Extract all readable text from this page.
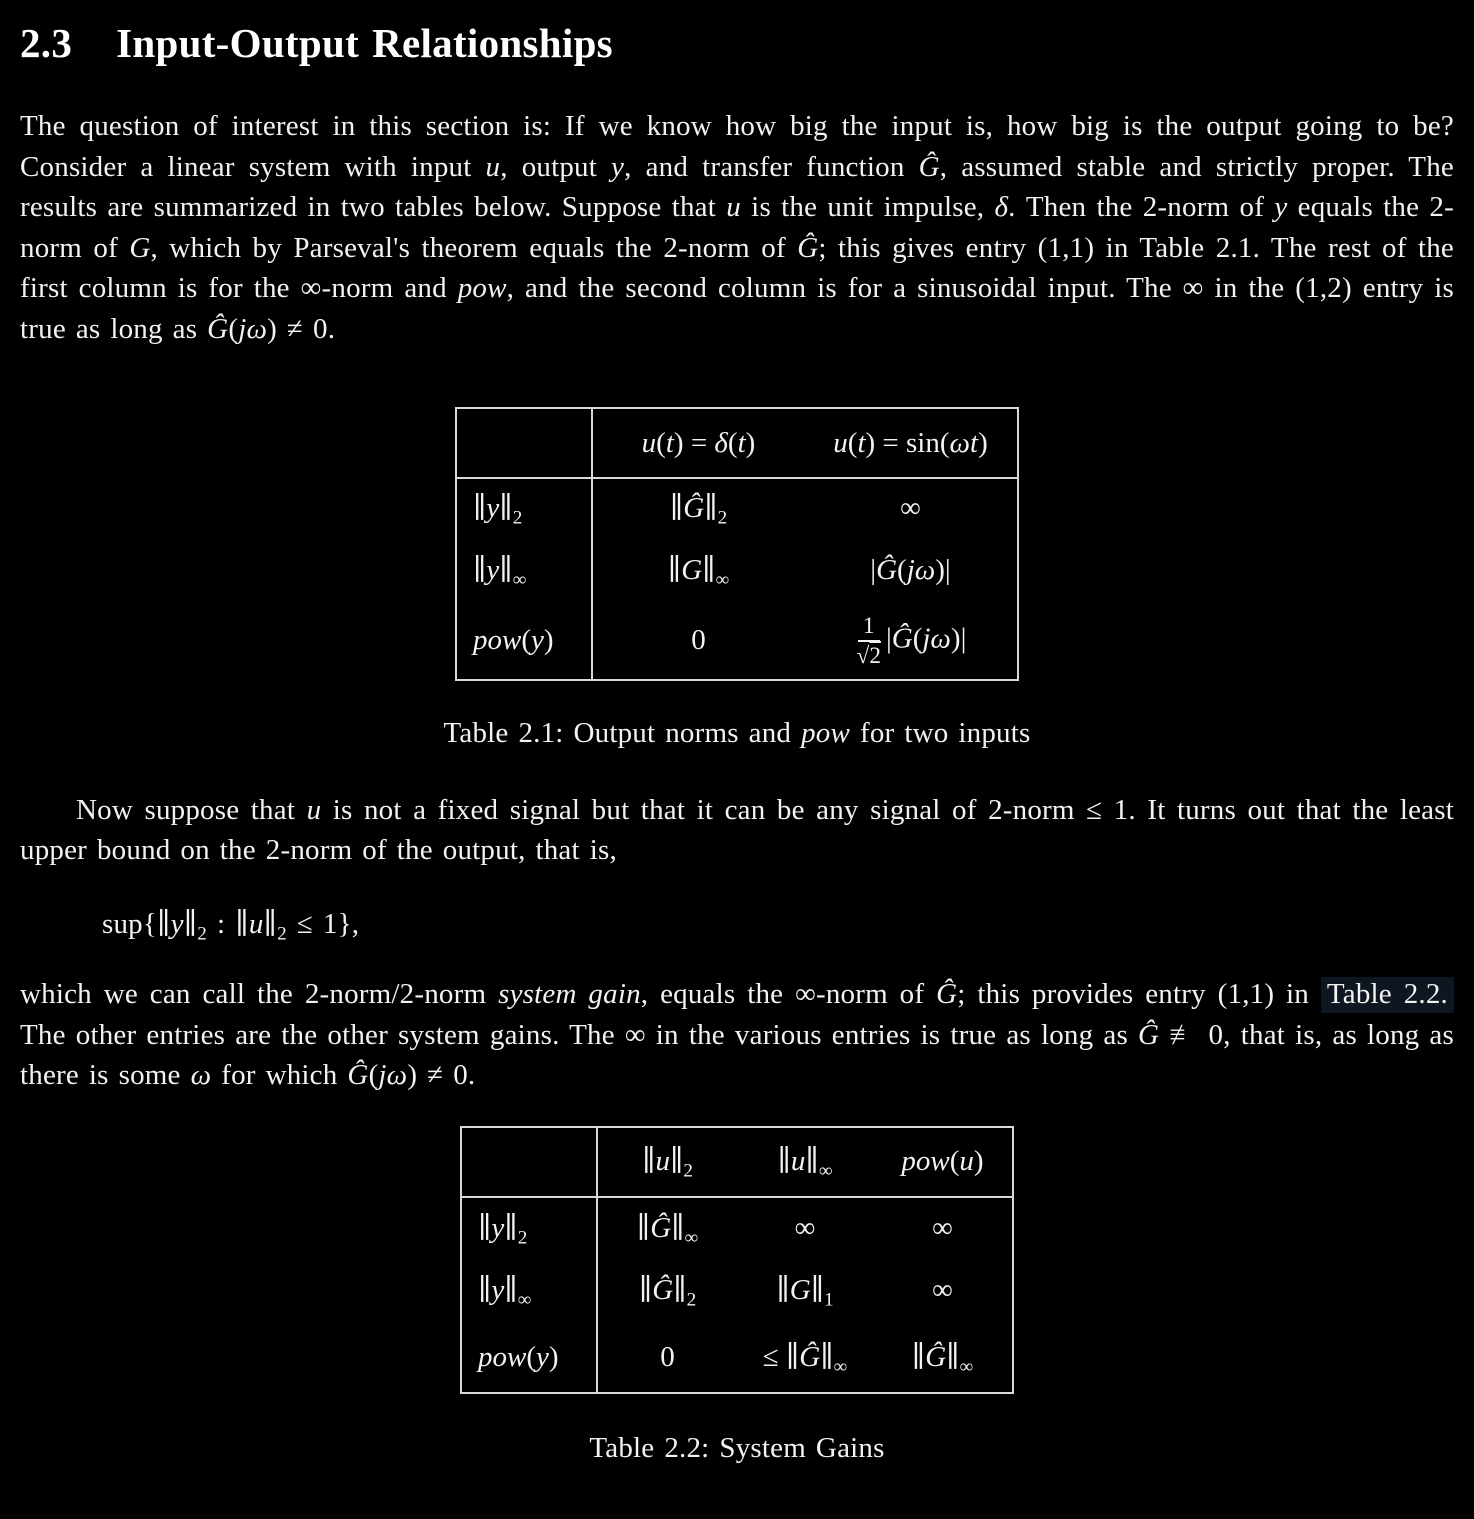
2.3 Input-Output Relationships

The question of interest in this section is: If we know how big the input is, how big is the output going to be? Consider a linear system with input u, output y, and transfer function Ĝ, assumed stable and strictly proper. The results are summarized in two tables below. Suppose that u is the unit impulse, δ. Then the 2-norm of y equals the 2-norm of G, which by Parseval's theorem equals the 2-norm of Ĝ; this gives entry (1,1) in Table 2.1. The rest of the first column is for the ∞-norm and pow, and the second column is for a sinusoidal input. The ∞ in the (1,2) entry is true as long as Ĝ(jω) ≠ 0.

	u(t) = δ(t)	u(t) = sin(ωt)
$\parallel y\parallel_2$	$\parallel Ĝ\parallel_2$	∞
$\parallel y\parallel_\infty$	$\parallel G\parallel_\infty$	|Ĝ(jω)|
pow(y)	0	$\frac{1}{√2}$ |Ĝ(jω)|

Table 2.1: Output norms and pow for two inputs

Now suppose that u is not a fixed signal but that it can be any signal of 2-norm ≤ 1. It turns out that the least upper bound on the 2-norm of the output, that is,

$sup\{\parallel y\parallel_2$ : $\parallel u\parallel_2 \le 1$},

which we can call the 2-norm/2-norm system gain, equals the ∞-norm of Ĝ; this provides entry (1,1) in Table 2.2. The other entries are the other system gains. The ∞ in the various entries is true as long as Ĝ ≢ 0, that is, as long as there is some ω for which Ĝ(jω) ≠ 0.

	$\parallel u\parallel_2$	$\parallel u\parallel_\infty$	pow(u)
$\parallel y\parallel_2$	$\parallel Ĝ\parallel_\infty$	∞	∞
$\parallel y\parallel_\infty$	$\parallel Ĝ\parallel_2$	$\parallel G\parallel_1$	∞
pow(y)	0	≤ $\parallel Ĝ\parallel_\infty$	$\parallel Ĝ\parallel_\infty$

Table 2.2: System Gains
